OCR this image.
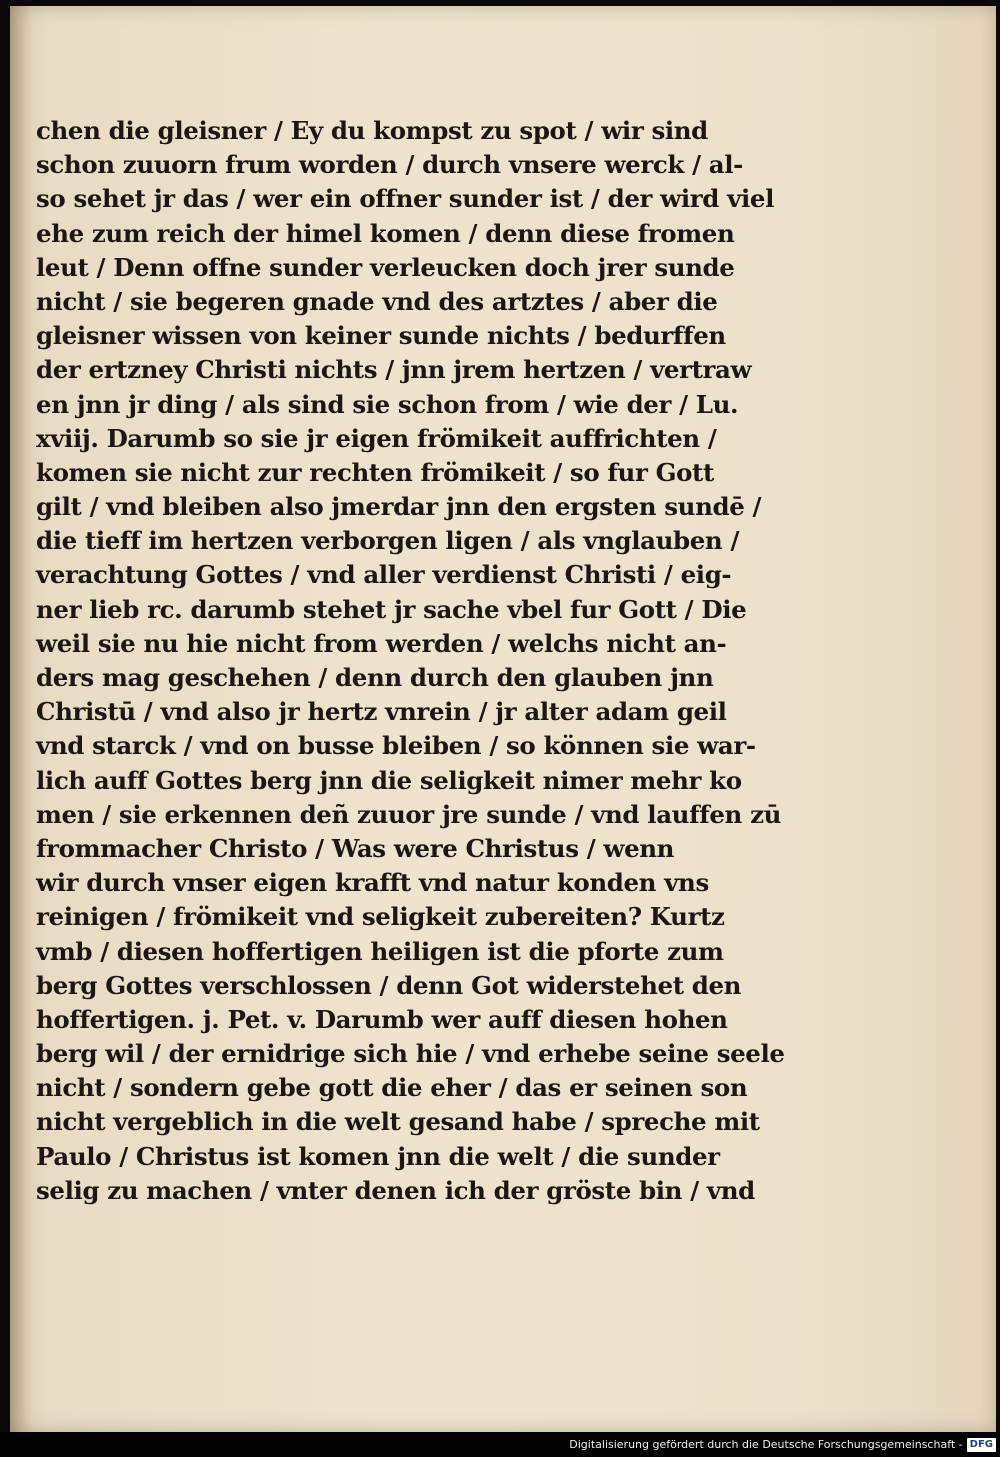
chen die gleisner / Ey du kompst zu spot / wir sind
schon zuuorn frum worden / durch vnsere werck / al-
so sehet jr das / wer ein offner sunder ist / der wird viel
ehe zum reich der himel komen / denn diese fromen
leut / Denn offne sunder verleucken doch jrer sunde
nicht / sie begeren gnade vnd des artztes / aber die
gleisner wissen von keiner sunde nichts / bedurffen
der ertzney Christi nichts / jnn jrem hertzen / vertraw
en jnn jr ding / als sind sie schon from / wie der / Lu.
xviij. Darumb so sie jr eigen frömikeit auffrichten /
komen sie nicht zur rechten frömikeit / so fur Gott
gilt / vnd bleiben also jmerdar jnn den ergsten sundē /
die tieff im hertzen verborgen ligen / als vnglauben /
verachtung Gottes / vnd aller verdienst Christi / eig-
ner lieb rc. darumb stehet jr sache vbel fur Gott / Die
weil sie nu hie nicht from werden / welchs nicht an-
ders mag geschehen / denn durch den glauben jnn
Christū / vnd also jr hertz vnrein / jr alter adam geil
vnd starck / vnd on busse bleiben / so können sie war-
lich auff Gottes berg jnn die seligkeit nimer mehr ko
men / sie erkennen deñ zuuor jre sunde / vnd lauffen zū
frommacher Christo / Was were Christus / wenn
wir durch vnser eigen krafft vnd natur konden vns
reinigen / frömikeit vnd seligkeit zubereiten? Kurtz
vmb / diesen hoffertigen heiligen ist die pforte zum
berg Gottes verschlossen / denn Got widerstehet den
hoffertigen. j. Pet. v. Darumb wer auff diesen hohen
berg wil / der ernidrige sich hie / vnd erhebe seine seele
nicht / sondern gebe gott die eher / das er seinen son
nicht vergeblich in die welt gesand habe / spreche mit
Paulo / Christus ist komen jnn die welt / die sunder
selig zu machen / vnter denen ich der gröste bin / vnd
Digitalisierung gefördert durch die Deutsche Forschungsgemeinschaft - DFG
